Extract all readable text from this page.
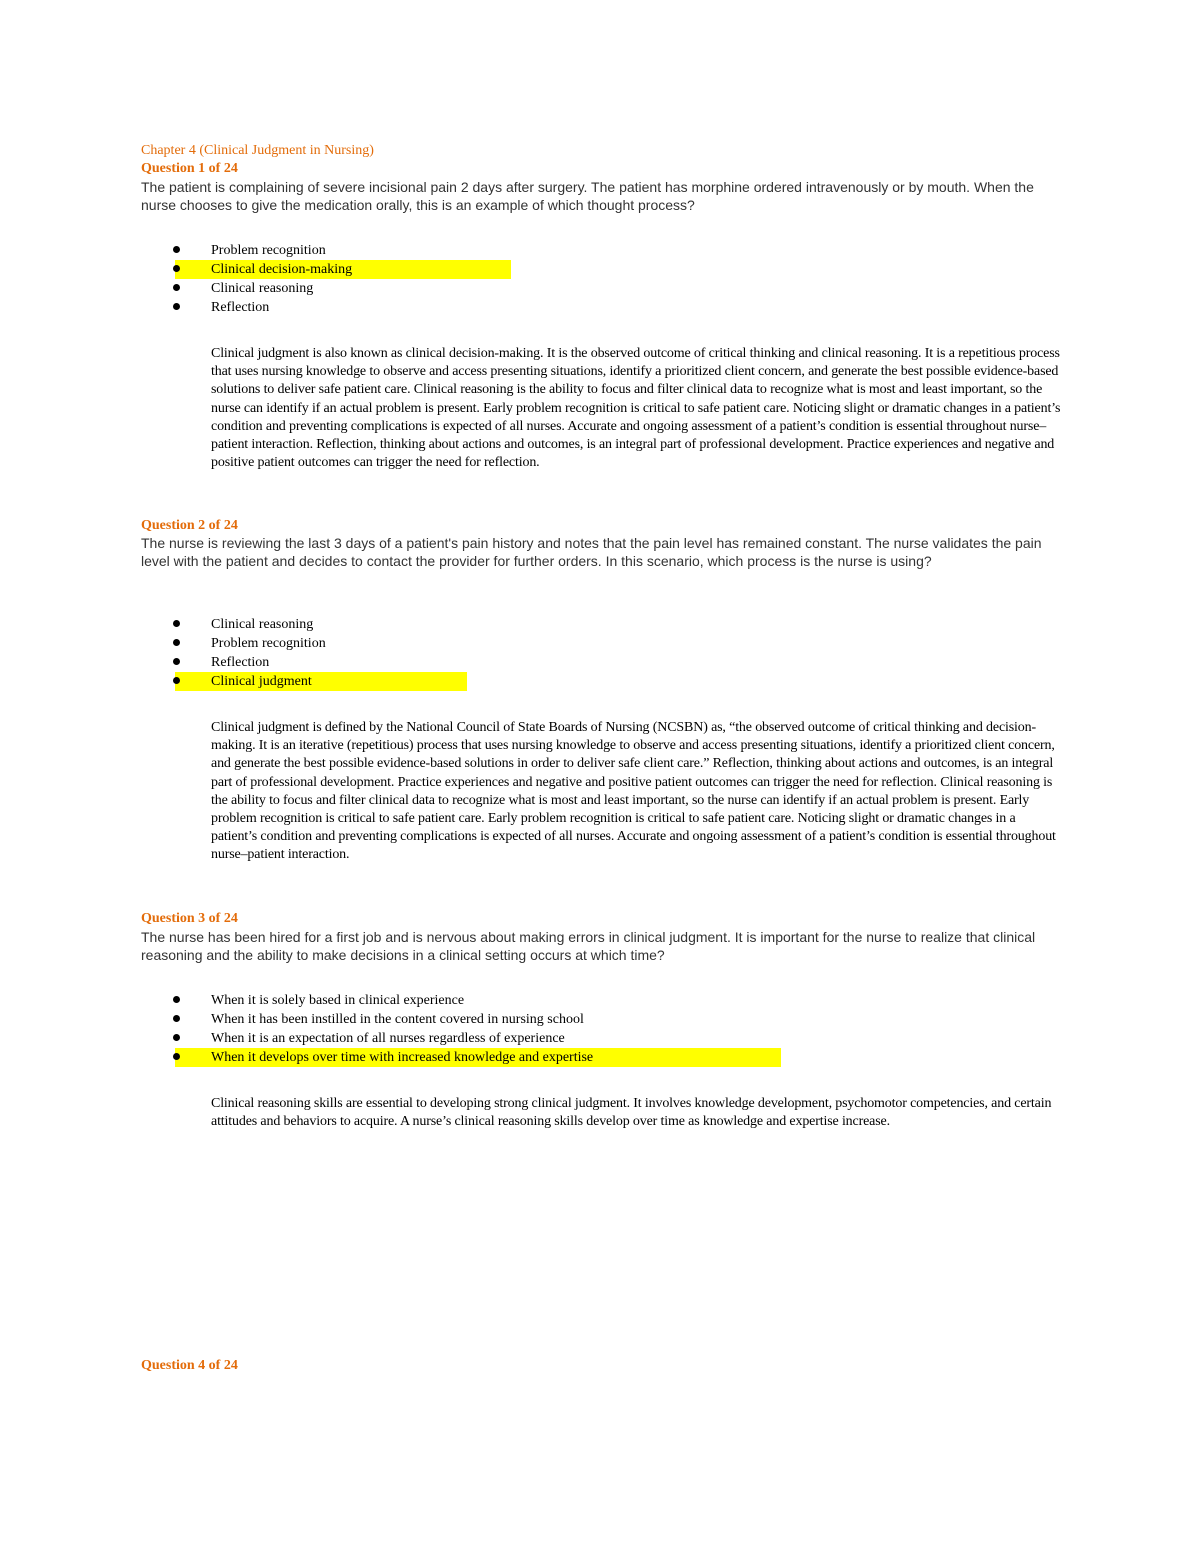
Chapter 4 (Clinical Judgment in Nursing)
Question 1 of 24
The patient is complaining of severe incisional pain 2 days after surgery. The patient has morphine ordered intravenously or by mouth. When the nurse chooses to give the medication orally, this is an example of which thought process?
Problem recognition
Clinical decision-making
Clinical reasoning
Reflection
Clinical judgment is also known as clinical decision-making. It is the observed outcome of critical thinking and clinical reasoning. It is a repetitious process that uses nursing knowledge to observe and access presenting situations, identify a prioritized client concern, and generate the best possible evidence-based solutions to deliver safe patient care. Clinical reasoning is the ability to focus and filter clinical data to recognize what is most and least important, so the nurse can identify if an actual problem is present. Early problem recognition is critical to safe patient care. Noticing slight or dramatic changes in a patient’s condition and preventing complications is expected of all nurses. Accurate and ongoing assessment of a patient’s condition is essential throughout nurse–patient interaction. Reflection, thinking about actions and outcomes, is an integral part of professional development. Practice experiences and negative and positive patient outcomes can trigger the need for reflection.
Question 2 of 24
The nurse is reviewing the last 3 days of a patient's pain history and notes that the pain level has remained constant. The nurse validates the pain level with the patient and decides to contact the provider for further orders. In this scenario, which process is the nurse is using?
Clinical reasoning
Problem recognition
Reflection
Clinical judgment
Clinical judgment is defined by the National Council of State Boards of Nursing (NCSBN) as, “the observed outcome of critical thinking and decision-making. It is an iterative (repetitious) process that uses nursing knowledge to observe and access presenting situations, identify a prioritized client concern, and generate the best possible evidence-based solutions in order to deliver safe client care.” Reflection, thinking about actions and outcomes, is an integral part of professional development. Practice experiences and negative and positive patient outcomes can trigger the need for reflection. Clinical reasoning is the ability to focus and filter clinical data to recognize what is most and least important, so the nurse can identify if an actual problem is present. Early problem recognition is critical to safe patient care. Early problem recognition is critical to safe patient care. Noticing slight or dramatic changes in a patient’s condition and preventing complications is expected of all nurses. Accurate and ongoing assessment of a patient’s condition is essential throughout nurse–patient interaction.
Question 3 of 24
The nurse has been hired for a first job and is nervous about making errors in clinical judgment. It is important for the nurse to realize that clinical reasoning and the ability to make decisions in a clinical setting occurs at which time?
When it is solely based in clinical experience
When it has been instilled in the content covered in nursing school
When it is an expectation of all nurses regardless of experience
When it develops over time with increased knowledge and expertise
Clinical reasoning skills are essential to developing strong clinical judgment. It involves knowledge development, psychomotor competencies, and certain attitudes and behaviors to acquire. A nurse’s clinical reasoning skills develop over time as knowledge and expertise increase.
Question 4 of 24
